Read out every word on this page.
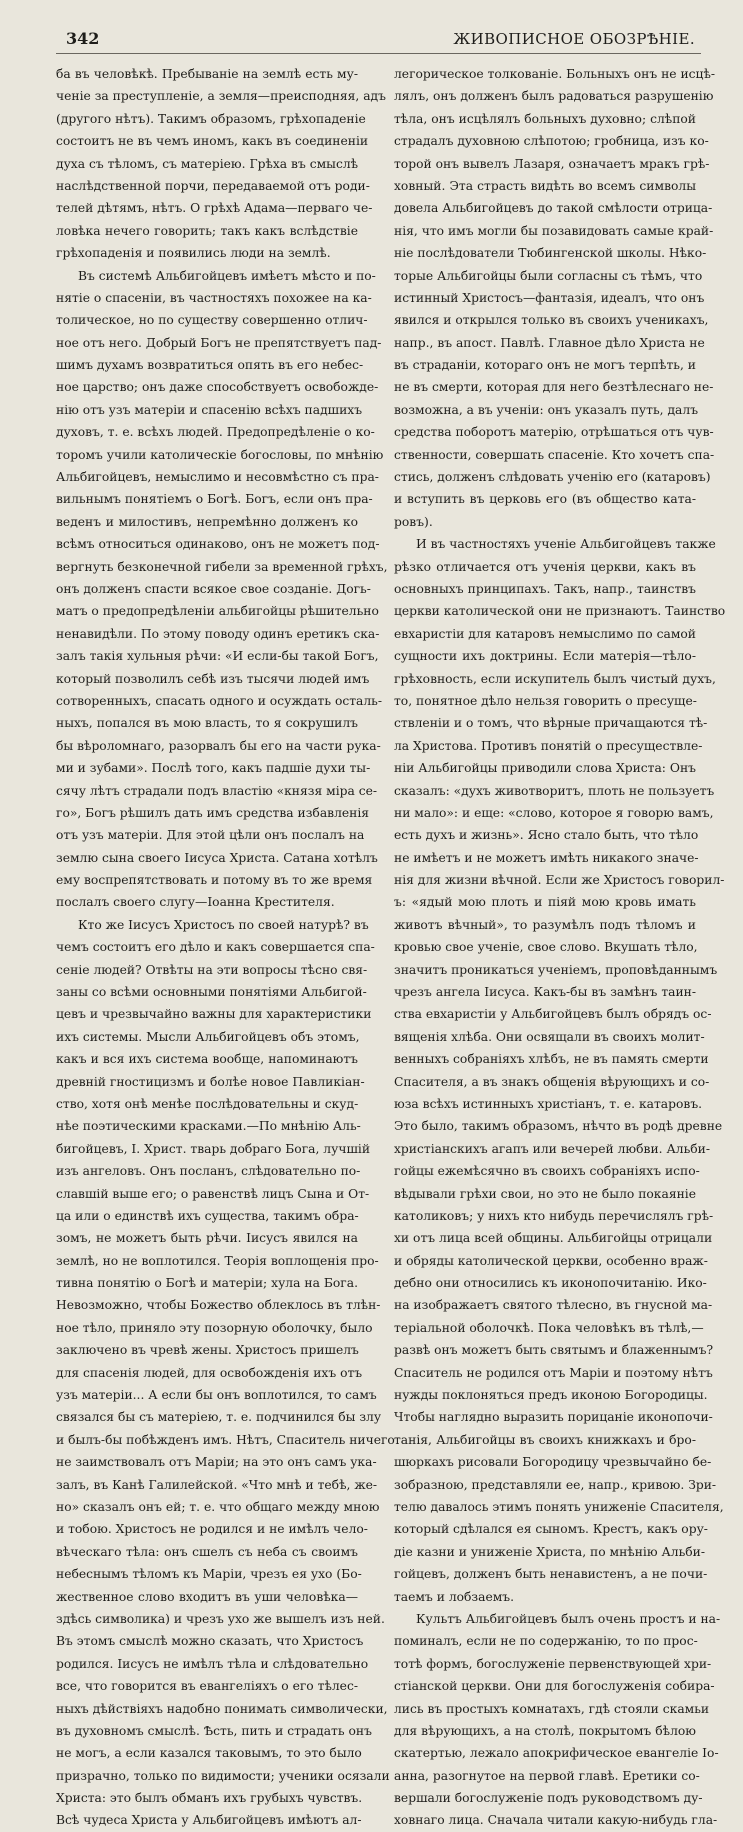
342	ЖИВОПИСНОЕ ОБОЗРѢНІЕ.
ба въ человѣкѣ. Пребываніе на землѣ есть му-
ченіе за преступленіе, а земля—преисподняя, адъ
(другого нѣтъ). Такимъ образомъ, грѣхопаденіе
состоитъ не въ чемъ иномъ, какъ въ соединеніи
духа съ тѣломъ, съ матеріею. Грѣха въ смыслѣ
наслѣдственной порчи, передаваемой отъ роди-
телей дѣтямъ, нѣтъ. О грѣхѣ Адама—перваго че-
ловѣка нечего говорить; такъ какъ вслѣдствіе
грѣхопаденія и появились люди на землѣ.
Въ системѣ Альбигойцевъ имѣетъ мѣсто и по-
нятіе о спасеніи, въ частностяхъ похожее на ка-
толическое, но по существу совершенно отлич-
ное отъ него. Добрый Богъ не препятствуетъ пад-
шимъ духамъ возвратиться опять въ его небес-
ное царство; онъ даже способствуетъ освобожде-
нію отъ узъ матеріи и спасенію всѣхъ падшихъ
духовъ, т. е. всѣхъ людей. Предопредѣленіе о ко-
торомъ учили католическіе богословы, по мнѣнію
Альбигойцевъ, немыслимо и несовмѣстно съ пра-
вильнымъ понятіемъ о Богѣ. Богъ, если онъ пра-
веденъ и милостивъ, непремѣнно долженъ ко
всѣмъ относиться одинаково, онъ не можетъ под-
вергнуть безконечной гибели за временной грѣхъ,
онъ долженъ спасти всякое свое созданіе. Догь-
матъ о предопредѣленіи альбигойцы рѣшительно
ненавидѣли. По этому поводу одинъ еретикъ ска-
залъ такія хульныя рѣчи: «И если-бы такой Богъ,
который позволилъ себѣ изъ тысячи людей имъ
сотворенныхъ, спасать одного и осуждать осталь-
ныхъ, попался въ мою власть, то я сокрушилъ
бы вѣроломнаго, разорвалъ бы его на части рука-
ми и зубами». Послѣ того, какъ падшіе духи ты-
сячу лѣтъ страдали подъ властію «князя міра се-
го», Богъ рѣшилъ дать имъ средства избавленія
отъ узъ матеріи. Для этой цѣли онъ послалъ на
землю сына своего Іисуса Христа. Сатана хотѣлъ
ему воспрепятствовать и потому въ то же время
послалъ своего слугу—Іоанна Крестителя.
Кто же Іисусъ Христосъ по своей натурѣ? въ
чемъ состоитъ его дѣло и какъ совершается спа-
сеніе людей? Отвѣты на эти вопросы тѣсно свя-
заны со всѣми основными понятіями Альбигой-
цевъ и чрезвычайно важны для характеристики
ихъ системы. Мысли Альбигойцевъ объ этомъ,
какъ и вся ихъ система вообще, напоминаютъ
древній гностицизмъ и болѣе новое Павликіан-
ство, хотя онѣ менѣе послѣдовательны и скуд-
нѣе поэтическими красками.—По мнѣнію Аль-
бигойцевъ, І. Христ. тварь добраго Бога, лучшій
изъ ангеловъ. Онъ посланъ, слѣдовательно по-
славшій выше его; о равенствѣ лицъ Сына и От-
ца или о единствѣ ихъ существа, такимъ обра-
зомъ, не можетъ быть рѣчи. Іисусъ явился на
землѣ, но не воплотился. Теорія воплощенія про-
тивна понятію о Богѣ и матеріи; хула на Бога.
Невозможно, чтобы Божество облеклось въ тлѣн-
ное тѣло, приняло эту позорную оболочку, было
заключено въ чревѣ жены. Христосъ пришелъ
для спасенія людей, для освобожденія ихъ отъ
узъ матеріи... А если бы онъ воплотился, то самъ
связался бы съ матеріею, т. е. подчинился бы злу
и былъ-бы побѣжденъ имъ. Нѣтъ, Спаситель ничего
не заимствовалъ отъ Маріи; на это онъ самъ ука-
залъ, въ Канѣ Галилейской. «Что мнѣ и тебѣ, же-
но» сказалъ онъ ей; т. е. что общаго между мною
и тобою. Христосъ не родился и не имѣлъ чело-
вѣческаго тѣла: онъ сшелъ съ неба съ своимъ
небеснымъ тѣломъ къ Маріи, чрезъ ея ухо (Бо-
жественное слово входитъ въ уши человѣка—
здѣсь символика) и чрезъ ухо же вышелъ изъ ней.
Въ этомъ смыслѣ можно сказать, что Христосъ
родился. Іисусъ не имѣлъ тѣла и слѣдовательно
все, что говорится въ евангеліяхъ о его тѣлес-
ныхъ дѣйствіяхъ надобно понимать символически,
въ духовномъ смыслѣ. Ѣсть, пить и страдать онъ
не могъ, а если казался таковымъ, то это было
призрачно, только по видимости; ученики осязали
Христа: это былъ обманъ ихъ грубыхъ чувствъ.
Всѣ чудеса Христа у Альбигойцевъ имѣютъ ал-
легорическое толкованіе. Больныхъ онъ не исцѣ-
лялъ, онъ долженъ былъ радоваться разрушенію
тѣла, онъ исцѣлялъ больныхъ духовно; слѣпой
страдалъ духовною слѣпотою; гробница, изъ ко-
торой онъ вывелъ Лазаря, означаетъ мракъ грѣ-
ховный. Эта страсть видѣть во всемъ символы
довела Альбигойцевъ до такой смѣлости отрица-
нія, что имъ могли бы позавидовать самые край-
ніе послѣдователи Тюбингенской школы. Нѣко-
торые Альбигойцы были согласны съ тѣмъ, что
истинный Христосъ—фантазія, идеалъ, что онъ
явился и открылся только въ своихъ ученикахъ,
напр., въ апост. Павлѣ. Главное дѣло Христа не
въ страданіи, котораго онъ не могъ терпѣть, и
не въ смерти, которая для него безтѣлеснаго не-
возможна, а въ ученіи: онъ указалъ путь, далъ
средства поборотъ матерію, отрѣшаться отъ чув-
ственности, совершать спасеніе. Кто хочетъ спа-
стись, долженъ слѣдовать ученію его (катаровъ)
и вступить въ церковь его (въ общество ката-
ровъ).
И въ частностяхъ ученіе Альбигойцевъ также
рѣзко отличается отъ ученія церкви, какъ въ
основныхъ принципахъ. Такъ, напр., таинствъ
церкви католической они не признаютъ. Таинство
евхаристіи для катаровъ немыслимо по самой
сущности ихъ доктрины. Если матерія—тѣло-
грѣховность, если искупитель былъ чистый духъ,
то, понятное дѣло нельзя говорить о пресуще-
ствленіи и о томъ, что вѣрные причащаются тѣ-
ла Христова. Противъ понятій о пресуществле-
ніи Альбигойцы приводили слова Христа: Онъ
сказалъ: «духъ животворитъ, плоть не пользуетъ
ни мало»: и еще: «слово, которое я говорю вамъ,
есть духъ и жизнь». Ясно стало быть, что тѣло
не имѣетъ и не можетъ имѣть никакого значе-
нія для жизни вѣчной. Если же Христосъ говорил-
ъ: «ядый мою плоть и піяй мою кровь имать
животъ вѣчный», то разумѣлъ подъ тѣломъ и
кровью свое ученіе, свое слово. Вкушать тѣло,
значитъ проникаться ученіемъ, проповѣданнымъ
чрезъ ангела Іисуса. Какъ-бы въ замѣнъ таин-
ства евхаристіи у Альбигойцевъ былъ обрядъ ос-
вященія хлѣба. Они освящали въ своихъ молит-
венныхъ собраніяхъ хлѣбъ, не въ память смерти
Спасителя, а въ знакъ общенія вѣрующихъ и со-
юза всѣхъ истинныхъ христіанъ, т. е. катаровъ.
Это было, такимъ образомъ, нѣчто въ родѣ древне
христіанскихъ агапъ или вечерей любви. Альби-
гойцы ежемѣсячно въ своихъ собраніяхъ испо-
вѣдывали грѣхи свои, но это не было покаяніе
католиковъ; у нихъ кто нибудь перечислялъ грѣ-
хи отъ лица всей общины. Альбигойцы отрицали
и обряды католической церкви, особенно враж-
дебно они относились къ иконопочитанію. Ико-
на изображаетъ святого тѣлесно, въ гнусной ма-
теріальной оболочкѣ. Пока человѣкъ въ тѣлѣ,—
развѣ онъ можетъ быть святымъ и блаженнымъ?
Спаситель не родился отъ Маріи и поэтому нѣтъ
нужды поклоняться предъ иконою Богородицы.
Чтобы наглядно выразить порицаніе иконопочи-
танія, Альбигойцы въ своихъ книжкахъ и бро-
шюркахъ рисовали Богородицу чрезвычайно бе-
зобразною, представляли ее, напр., кривою. Зри-
телю давалось этимъ понять униженіе Спасителя,
который сдѣлался ея сыномъ. Крестъ, какъ ору-
діе казни и униженіе Христа, по мнѣнію Альби-
гойцевъ, долженъ быть ненавистенъ, а не почи-
таемъ и лобзаемъ.
Культъ Альбигойцевъ былъ очень простъ и на-
поминалъ, если не по содержанію, то по прос-
тотѣ формъ, богослуженіе первенствующей хри-
стіанской церкви. Они для богослуженія собира-
лись въ простыхъ комнатахъ, гдѣ стояли скамьи
для вѣрующихъ, а на столѣ, покрытомъ бѣлою
скатертью, лежало апокрифическое евангеліе Іо-
анна, разогнутое на первой главѣ. Еретики со-
вершали богослуженіе подъ руководствомъ ду-
ховнаго лица. Сначала читали какую-нибудь гла-
